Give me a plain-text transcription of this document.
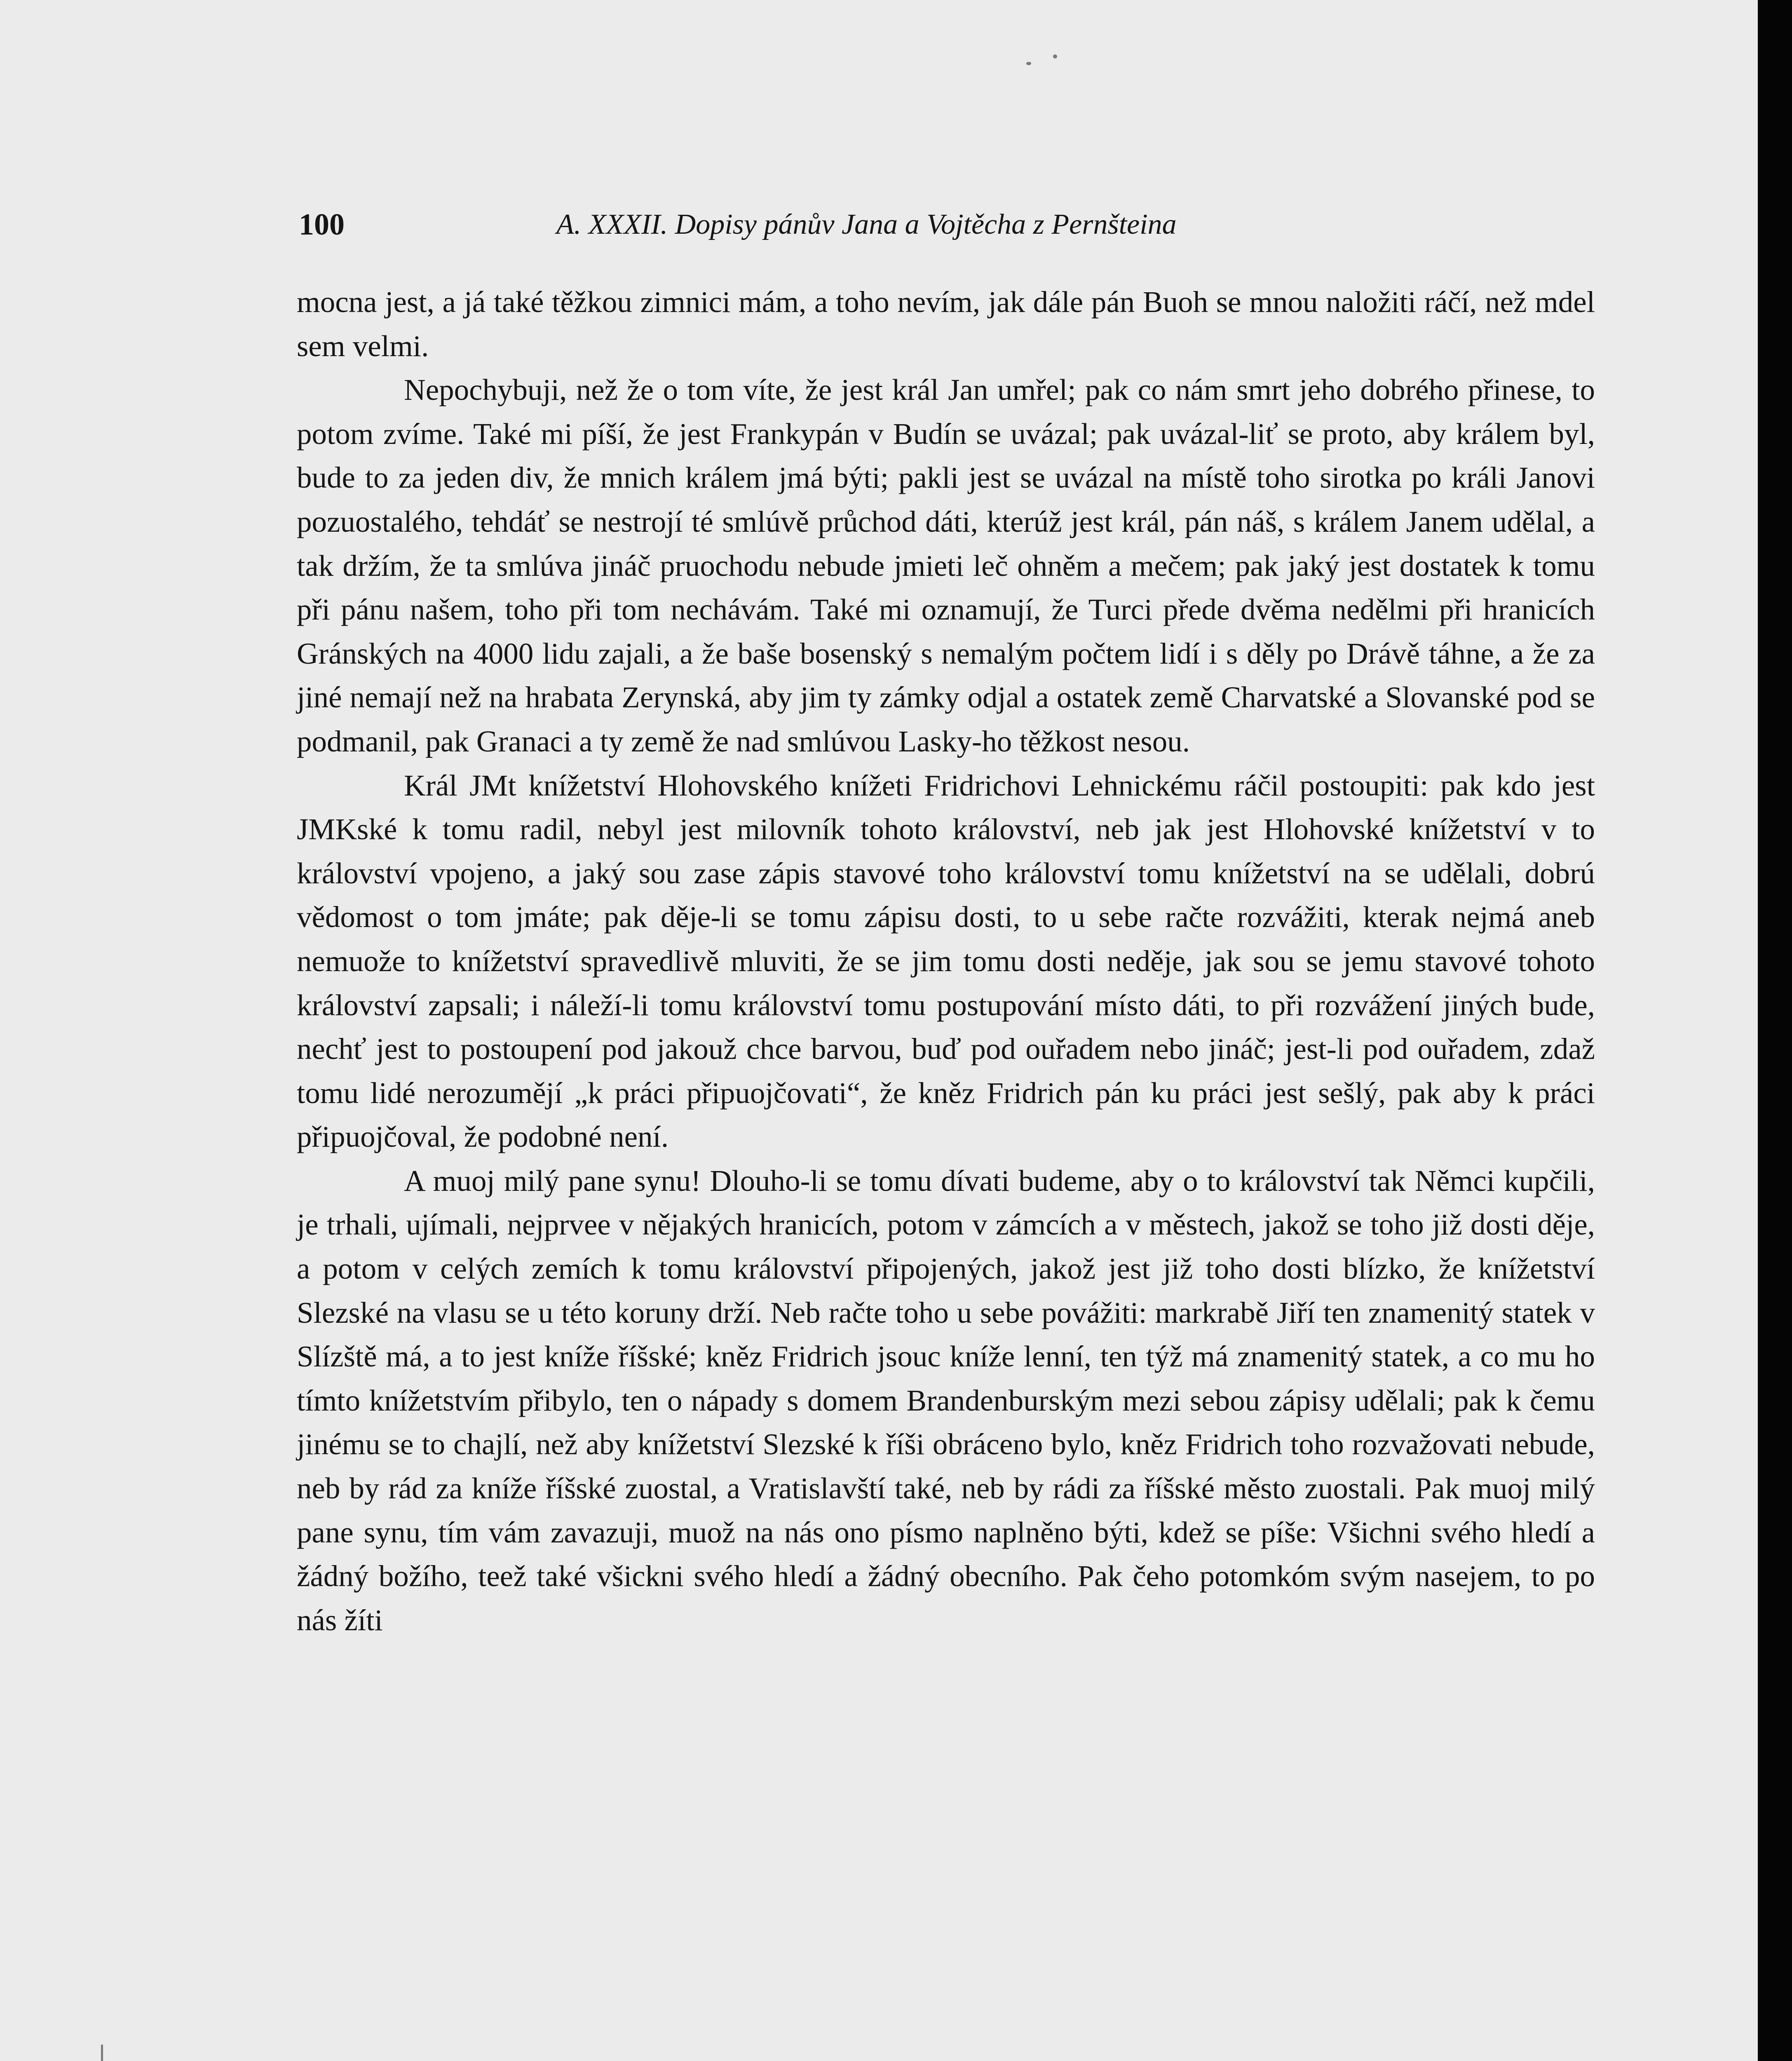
100	A. XXXII. Dopisy pánův Jana a Vojtěcha z Pernšteina

mocna jest, a já také těžkou zimnici mám, a toho nevím, jak dále pán Buoh se mnou naložiti ráčí, než mdel sem velmi.

Nepochybuji, než že o tom víte, že jest král Jan umřel; pak co nám smrt jeho dobrého přinese, to potom zvíme. Také mi píší, že jest Frankypán v Budín se uvázal; pak uvázal-liť se proto, aby králem byl, bude to za jeden div, že mnich králem jmá býti; pakli jest se uvázal na místě toho sirotka po králi Janovi pozuostalého, tehdáť se nestrojí té smlúvě průchod dáti, kterúž jest král, pán náš, s králem Janem udělal, a tak držím, že ta smlúva jináč pruochodu nebude jmieti leč ohněm a mečem; pak jaký jest dostatek k tomu při pánu našem, toho při tom nechávám. Také mi oznamují, že Turci přede dvěma nedělmi při hranicích Gránských na 4000 lidu zajali, a že baše bosenský s nemalým počtem lidí i s děly po Drávě táhne, a že za jiné nemají než na hrabata Zerynská, aby jim ty zámky odjal a ostatek země Charvatské a Slovanské pod se podmanil, pak Granaci a ty země že nad smlúvou Lasky-ho těžkost nesou.

Král JMt knížetství Hlohovského knížeti Fridrichovi Lehnickému ráčil postoupiti: pak kdo jest JMKské k tomu radil, nebyl jest milovník tohoto království, neb jak jest Hlohovské knížetství v to království vpojeno, a jaký sou zase zápis stavové toho království tomu knížetství na se udělali, dobrú vědomost o tom jmáte; pak děje-li se tomu zápisu dosti, to u sebe račte rozvážiti, kterak nejmá aneb nemuože to knížetství spravedlivě mluviti, že se jim tomu dosti neděje, jak sou se jemu stavové tohoto království zapsali; i náleží-li tomu království tomu postupování místo dáti, to při rozvážení jiných bude, nechť jest to postoupení pod jakouž chce barvou, buď pod ouřadem nebo jináč; jest-li pod ouřadem, zdaž tomu lidé nerozumějí „k práci připuojčovati“, že kněz Fridrich pán ku práci jest sešlý, pak aby k práci připuojčoval, že podobné není.

A muoj milý pane synu! Dlouho-li se tomu dívati budeme, aby o to království tak Němci kupčili, je trhali, ujímali, nejprvee v nějakých hranicích, potom v zámcích a v městech, jakož se toho již dosti děje, a potom v celých zemích k tomu království připojených, jakož jest již toho dosti blízko, že knížetství Slezské na vlasu se u této koruny drží. Neb račte toho u sebe povážiti: markrabě Jiří ten znamenitý statek v Slízště má, a to jest kníže říšské; kněz Fridrich jsouc kníže lenní, ten týž má znamenitý statek, a co mu ho tímto knížetstvím přibylo, ten o nápady s domem Brandenburským mezi sebou zápisy udělali; pak k čemu jinému se to chajlí, než aby knížetství Slezské k říši obráceno bylo, kněz Fridrich toho rozvažovati nebude, neb by rád za kníže říšské zuostal, a Vratislavští také, neb by rádi za říšské město zuostali. Pak muoj milý pane synu, tím vám zavazuji, muož na nás ono písmo naplněno býti, kdež se píše: Všichni svého hledí a žádný božího, teež také všickni svého hledí a žádný obecního. Pak čeho potomkóm svým nasejem, to po nás žíti
